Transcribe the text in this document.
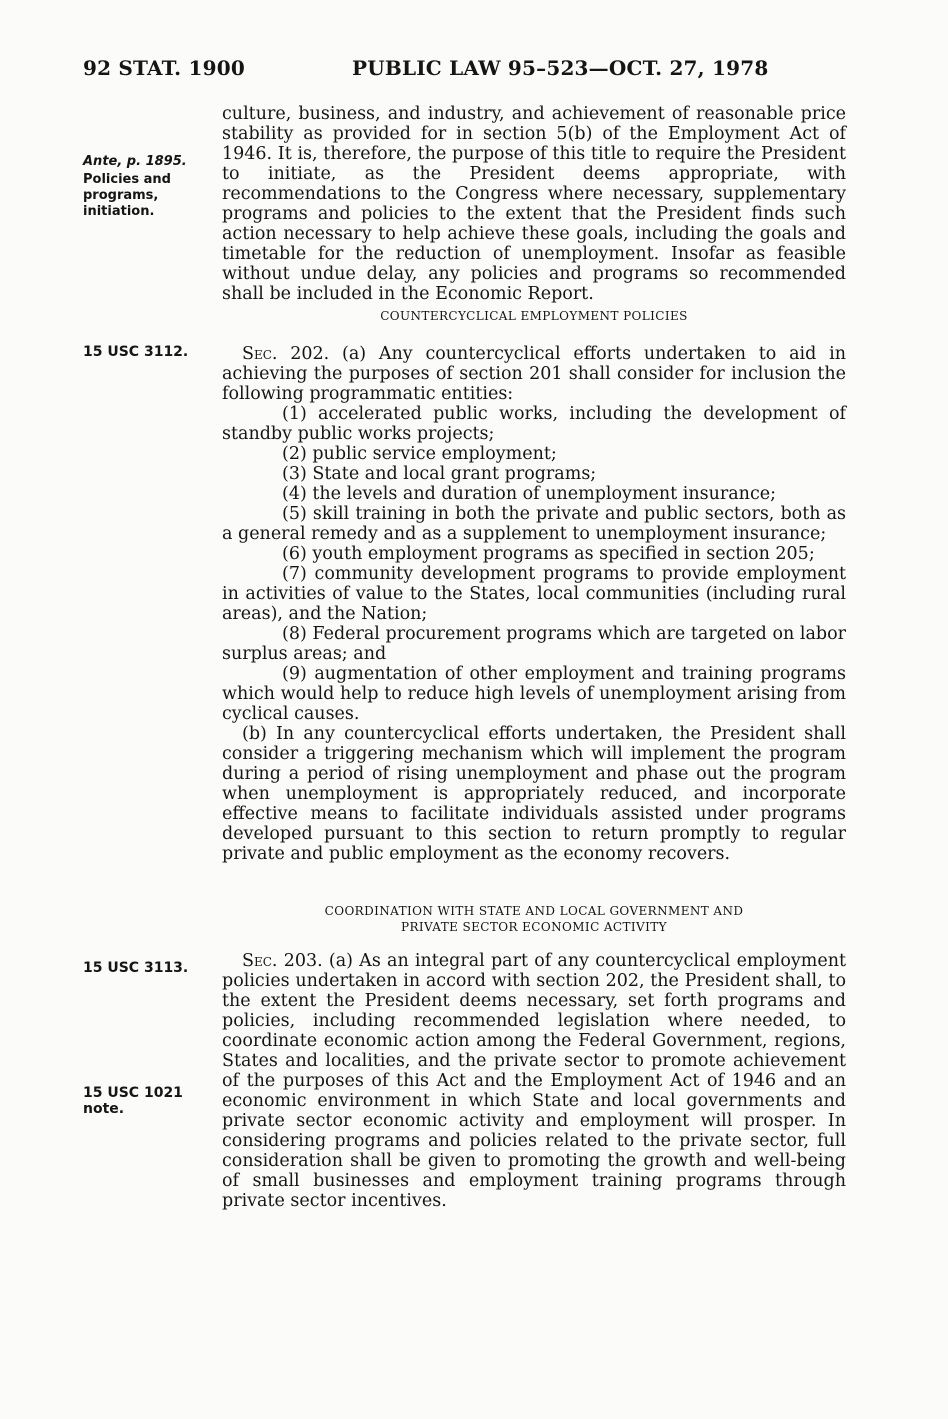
92 STAT. 1900	PUBLIC LAW 95–523—OCT. 27, 1978
Ante, p. 1895.
Policies and
programs,
initiation.
15 USC 3112.
15 USC 3113.
15 USC 1021
note.

culture, business, and industry, and achievement of reasonable price stability as provided for in section 5(b) of the Employment Act of 1946. It is, therefore, the purpose of this title to require the President to initiate, as the President deems appropriate, with recommendations to the Congress where necessary, supplementary programs and policies to the extent that the President finds such action necessary to help achieve these goals, including the goals and timetable for the reduction of unemployment. Insofar as feasible without undue delay, any policies and programs so recommended shall be included in the Economic Report.

COUNTERCYCLICAL EMPLOYMENT POLICIES

Sec. 202. (a) Any countercyclical efforts undertaken to aid in achieving the purposes of section 201 shall consider for inclusion the following programmatic entities:

(1) accelerated public works, including the development of standby public works projects;

(2) public service employment;

(3) State and local grant programs;

(4) the levels and duration of unemployment insurance;

(5) skill training in both the private and public sectors, both as a general remedy and as a supplement to unemployment insurance;

(6) youth employment programs as specified in section 205;

(7) community development programs to provide employment in activities of value to the States, local communities (including rural areas), and the Nation;

(8) Federal procurement programs which are targeted on labor surplus areas; and

(9) augmentation of other employment and training programs which would help to reduce high levels of unemployment arising from cyclical causes.

(b) In any countercyclical efforts undertaken, the President shall consider a triggering mechanism which will implement the program during a period of rising unemployment and phase out the program when unemployment is appropriately reduced, and incorporate effective means to facilitate individuals assisted under programs developed pursuant to this section to return promptly to regular private and public employment as the economy recovers.

COORDINATION WITH STATE AND LOCAL GOVERNMENT AND

PRIVATE SECTOR ECONOMIC ACTIVITY

Sec. 203. (a) As an integral part of any countercyclical employment policies undertaken in accord with section 202, the President shall, to the extent the President deems necessary, set forth programs and policies, including recommended legislation where needed, to coordinate economic action among the Federal Government, regions, States and localities, and the private sector to promote achievement of the purposes of this Act and the Employment Act of 1946 and an economic environment in which State and local governments and private sector economic activity and employment will prosper. In considering programs and policies related to the private sector, full consideration shall be given to promoting the growth and well-being of small businesses and employment training programs through private sector incentives.
